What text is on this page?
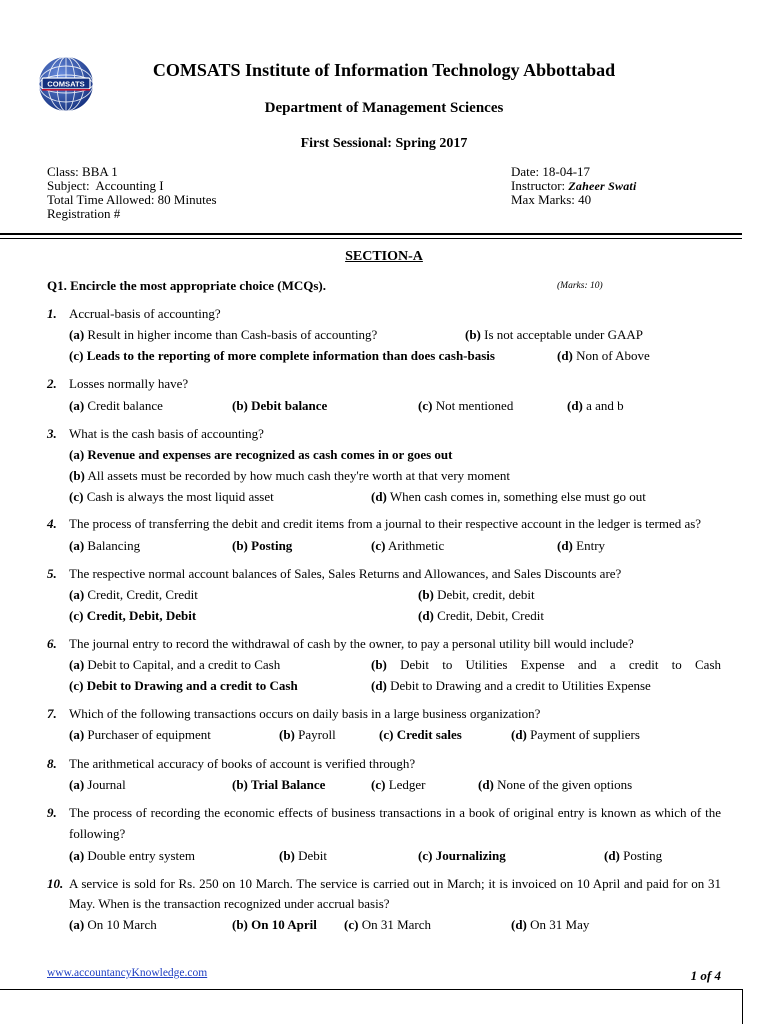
COMSATS
COMSATS Institute of Information Technology Abbottabad
Department of Management Sciences
First Sessional: Spring 2017
Class: BBA 1
Subject:  Accounting I
Total Time Allowed: 80 Minutes
Registration #
Date: 18-04-17
Instructor: Zaheer Swati
Max Marks: 40
SECTION-A
Q1. Encircle the most appropriate choice (MCQs).	(Marks: 10)
1. Accrual-basis of accounting?
(a) Result in higher income than Cash-basis of accounting?	(b) Is not acceptable under GAAP
(c) Leads to the reporting of more complete information than does cash-basis	(d) Non of Above
2. Losses normally have?
(a) Credit balance	(b) Debit balance	(c) Not mentioned	(d) a and b
3. What is the cash basis of accounting?
(a) Revenue and expenses are recognized as cash comes in or goes out
(b) All assets must be recorded by how much cash they're worth at that very moment
(c) Cash is always the most liquid asset	(d) When cash comes in, something else must go out
4. The process of transferring the debit and credit items from a journal to their respective account in the ledger is termed as?
(a) Balancing	(b) Posting	(c) Arithmetic	(d) Entry
5. The respective normal account balances of Sales, Sales Returns and Allowances, and Sales Discounts are?
(a) Credit, Credit, Credit	(b) Debit, credit, debit
(c) Credit, Debit, Debit	(d) Credit, Debit, Credit
6. The journal entry to record the withdrawal of cash by the owner, to pay a personal utility bill would include?
(a) Debit to Capital, and a credit to Cash	(b) Debit to Utilities Expense and a credit to Cash
(c) Debit to Drawing and a credit to Cash	(d) Debit to Drawing and a credit to Utilities Expense
7. Which of the following transactions occurs on daily basis in a large business organization?
(a) Purchaser of equipment	(b) Payroll	(c) Credit sales	(d) Payment of suppliers
8. The arithmetical accuracy of books of account is verified through?
(a) Journal	(b) Trial Balance	(c) Ledger	(d) None of the given options
9. The process of recording the economic effects of business transactions in a book of original entry is known as which of the
following?
(a) Double entry system	(b) Debit	(c) Journalizing	(d) Posting
10. A service is sold for Rs. 250 on 10 March. The service is carried out in March; it is invoiced on 10 April and paid for on 31
May. When is the transaction recognized under accrual basis?
(a) On 10 March	(b) On 10 April (c) On 31 March	(d) On 31 May
www.accountancyKnowledge.com	1 of 4
